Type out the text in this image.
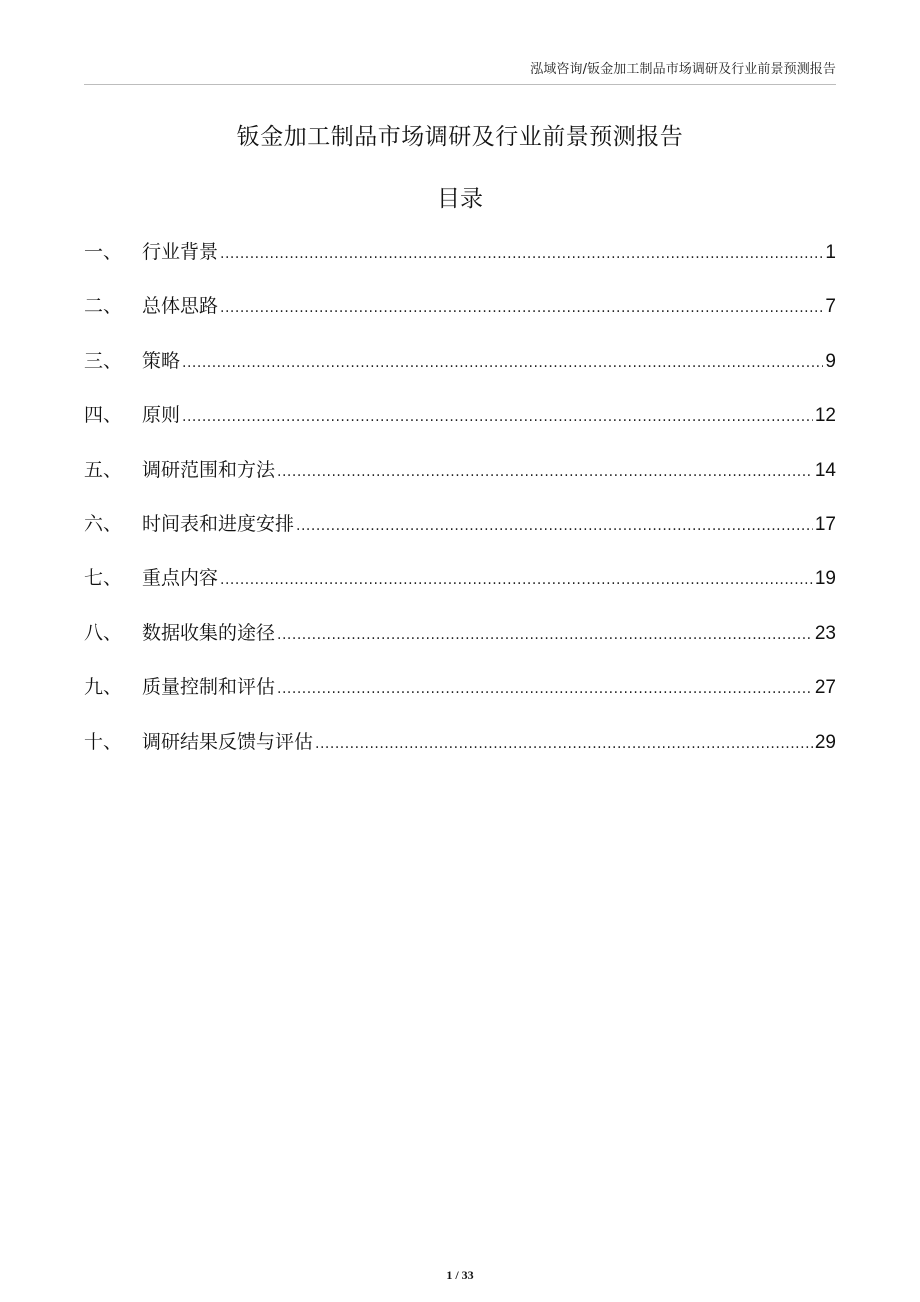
泓域咨询/钣金加工制品市场调研及行业前景预测报告
钣金加工制品市场调研及行业前景预测报告
目录
一、	行业背景 .....	1
二、	总体思路 .....	7
三、	策略 .....	9
四、	原则 .....	12
五、	调研范围和方法 .....	14
六、	时间表和进度安排 .....	17
七、	重点内容 .....	19
八、	数据收集的途径 .....	23
九、	质量控制和评估 .....	27
十、	调研结果反馈与评估 .....	29
1 / 33
